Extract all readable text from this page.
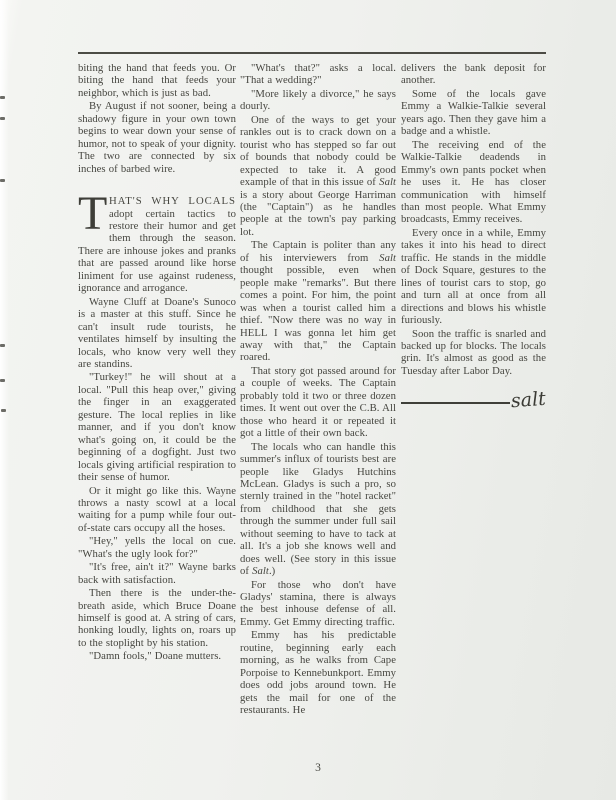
biting the hand that feeds you. Or biting the hand that feeds your neighbor, which is just as bad.

By August if not sooner, being a shadowy figure in your own town begins to wear down your sense of humor, not to speak of your dignity. The two are connected by six inches of barbed wire.

THAT'S WHY LOCALS adopt certain tactics to restore their humor and get them through the season. There are inhouse jokes and pranks that are passed around like horse liniment for use against rudeness, ignorance and arrogance.

Wayne Cluff at Doane's Sunoco is a master at this stuff. Since he can't insult rude tourists, he ventilates himself by insulting the locals, who know very well they are standins.

"Turkey!" he will shout at a local. "Pull this heap over," giving the finger in an exaggerated gesture. The local replies in like manner, and if you don't know what's going on, it could be the beginning of a dogfight. Just two locals giving artificial respiration to their sense of humor.

Or it might go like this. Wayne throws a nasty scowl at a local waiting for a pump while four out-of-state cars occupy all the hoses.

"Hey," yells the local on cue. "What's the ugly look for?"

"It's free, ain't it?" Wayne barks back with satisfaction.

Then there is the under-the-breath aside, which Bruce Doane himself is good at. A string of cars, honking loudly, lights on, roars up to the stoplight by his station.

"Damn fools," Doane mutters.

"What's that?" asks a local. "That a wedding?"

"More likely a divorce," he says dourly.

One of the ways to get your rankles out is to crack down on a tourist who has stepped so far out of bounds that nobody could be expected to take it. A good example of that in this issue of Salt is a story about George Harriman (the "Captain") as he handles people at the town's pay parking lot.

The Captain is politer than any of his interviewers from Salt thought possible, even when people make "remarks". But there comes a point. For him, the point was when a tourist called him a thief. "Now there was no way in HELL I was gonna let him get away with that," the Captain roared.

That story got passed around for a couple of weeks. The Captain probably told it two or three dozen times. It went out over the C.B. All those who heard it or repeated it got a little of their own back.

The locals who can handle this summer's influx of tourists best are people like Gladys Hutchins McLean. Gladys is such a pro, so sternly trained in the "hotel racket" from childhood that she gets through the summer under full sail without seeming to have to tack at all. It's a job she knows well and does well. (See story in this issue of Salt.)

For those who don't have Gladys' stamina, there is always the best inhouse defense of all. Emmy. Get Emmy directing traffic.

Emmy has his predictable routine, beginning early each morning, as he walks from Cape Porpoise to Kennebunkport. Emmy does odd jobs around town. He gets the mail for one of the restaurants. He

delivers the bank deposit for another.

Some of the locals gave Emmy a Walkie-Talkie several years ago. Then they gave him a badge and a whistle.

The receiving end of the Walkie-Talkie deadends in Emmy's own pants pocket when he uses it. He has closer communication with himself than most people. What Emmy broadcasts, Emmy receives.

Every once in a while, Emmy takes it into his head to direct traffic. He stands in the middle of Dock Square, gestures to the lines of tourist cars to stop, go and turn all at once from all directions and blows his whistle furiously.

Soon the traffic is snarled and backed up for blocks. The locals grin. It's almost as good as the Tuesday after Labor Day.

salt
3
